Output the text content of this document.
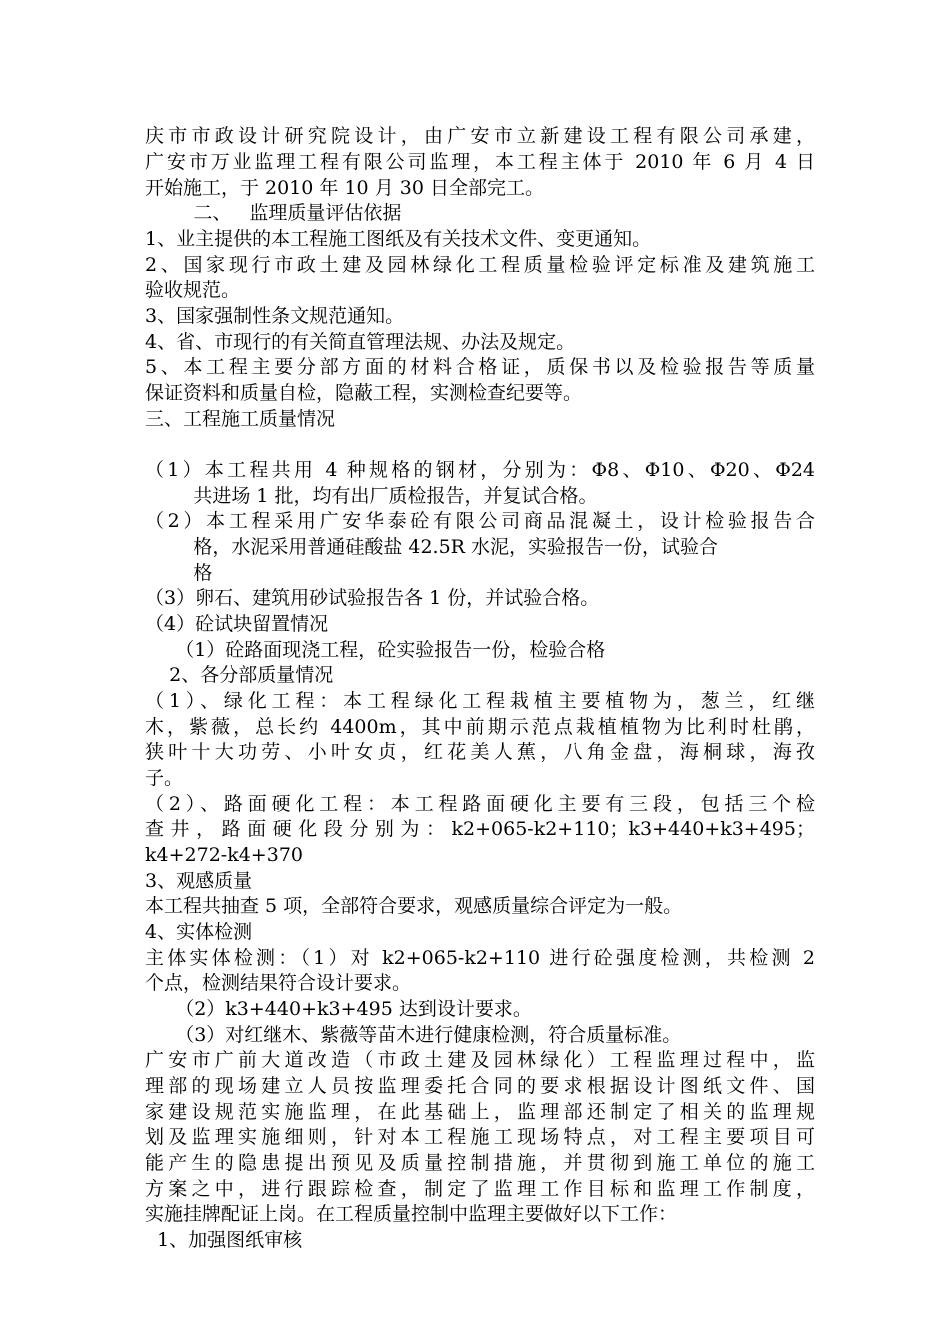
庆市市政设计研究院设计，由广安市立新建设工程有限公司承建，
广安市万业监理工程有限公司监理，本工程主体于 2010 年 6 月 4 日
开始施工，于 2010 年 10 月 30 日全部完工。
二、   监理质量评估依据
1、业主提供的本工程施工图纸及有关技术文件、变更通知。
2、国家现行市政土建及园林绿化工程质量检验评定标准及建筑施工
验收规范。
3、国家强制性条文规范通知。
4、省、市现行的有关简直管理法规、办法及规定。
5、本工程主要分部方面的材料合格证，质保书以及检验报告等质量
保证资料和质量自检，隐蔽工程，实测检查纪要等。
三、工程施工质量情况
（1）本工程共用 4 种规格的钢材，分别为：Φ8、Φ10、Φ20、Φ24
共进场 1 批，均有出厂质检报告，并复试合格。
（2）本工程采用广安华泰砼有限公司商品混凝土，设计检验报告合
格，水泥采用普通硅酸盐 42.5R 水泥，实验报告一份，试验合
格
（3）卵石、建筑用砂试验报告各 1 份，并试验合格。
（4）砼试块留置情况
（1）砼路面现浇工程，砼实验报告一份，检验合格
2、各分部质量情况
（1）、绿化工程：本工程绿化工程栽植主要植物为，葱兰，红继
木，紫薇，总长约 4400m，其中前期示范点栽植植物为比利时杜鹃，
狭叶十大功劳、小叶女贞，红花美人蕉，八角金盘，海桐球，海孜
子。
（2）、路面硬化工程：本工程路面硬化主要有三段，包括三个检
查井，路面硬化段分别为：k2+065-k2+110；k3+440+k3+495；
k4+272-k4+370
3、观感质量
本工程共抽查 5 项，全部符合要求，观感质量综合评定为一般。
4、实体检测
主体实体检测：（1）对 k2+065-k2+110 进行砼强度检测，共检测 2
个点，检测结果符合设计要求。
（2）k3+440+k3+495 达到设计要求。
（3）对红继木、紫薇等苗木进行健康检测，符合质量标准。
广安市广前大道改造（市政土建及园林绿化）工程监理过程中，监
理部的现场建立人员按监理委托合同的要求根据设计图纸文件、国
家建设规范实施监理，在此基础上，监理部还制定了相关的监理规
划及监理实施细则，针对本工程施工现场特点，对工程主要项目可
能产生的隐患提出预见及质量控制措施，并贯彻到施工单位的施工
方案之中，进行跟踪检查，制定了监理工作目标和监理工作制度，
实施挂牌配证上岗。在工程质量控制中监理主要做好以下工作：
1、加强图纸审核
